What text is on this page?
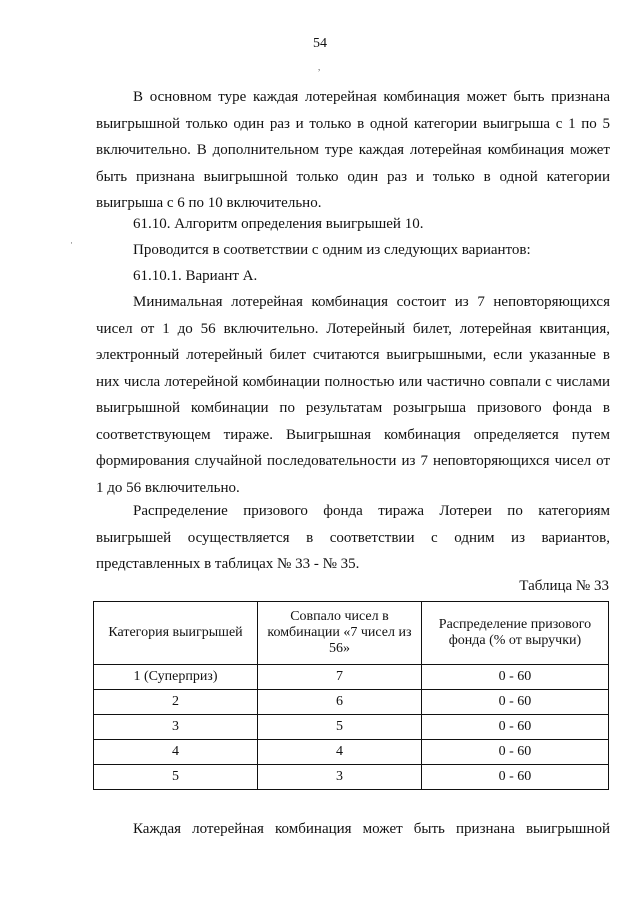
54
,
·

В основном туре каждая лотерейная комбинация может быть признана выигрышной только один раз и только в одной категории выигрыша с 1 по 5 включительно. В дополнительном туре каждая лотерейная комбинация может быть признана выигрышной только один раз и только в одной категории выигрыша с 6 по 10 включительно.

61.10. Алгоритм определения выигрышей 10.

Проводится в соответствии с одним из следующих вариантов:

61.10.1. Вариант А.

Минимальная лотерейная комбинация состоит из 7 неповторяющихся чисел от 1 до 56 включительно. Лотерейный билет, лотерейная квитанция, электронный лотерейный билет считаются выигрышными, если указанные в них числа лотерейной комбинации полностью или частично совпали с числами выигрышной комбинации по результатам розыгрыша призового фонда в соответствующем тираже. Выигрышная комбинация определяется путем формирования случайной последовательности из 7 неповторяющихся чисел от 1 до 56 включительно.

Распределение призового фонда тиража Лотереи по категориям выигрышей осуществляется в соответствии с одним из вариантов, представленных в таблицах № 33 - № 35.

Таблица № 33
Категория выигрышей	Совпало чисел в комбинации «7 чисел из 56»	Распределение призового фонда (% от выручки)
1 (Суперприз)	7	0 - 60
2	6	0 - 60
3	5	0 - 60
4	4	0 - 60
5	3	0 - 60

Каждая лотерейная комбинация может быть признана выигрышной
